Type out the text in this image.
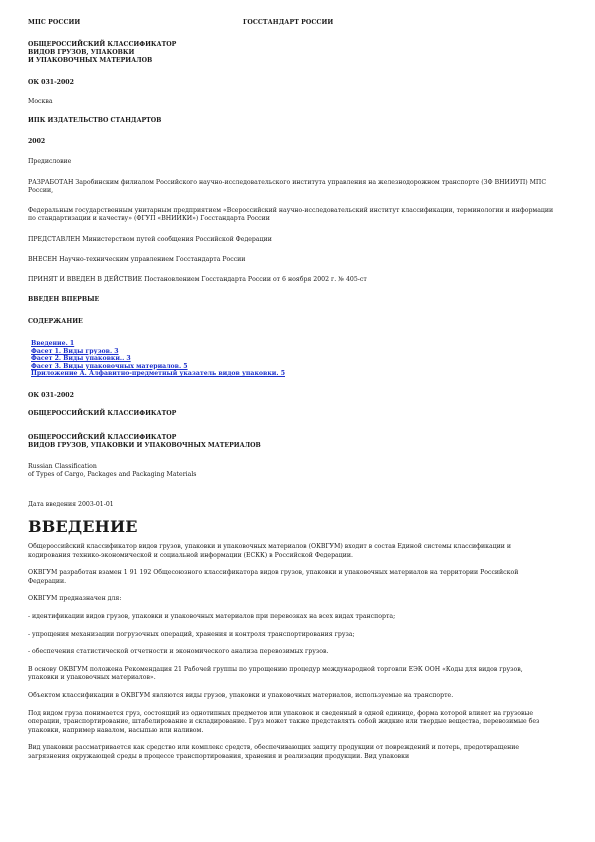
МПС РОССИИ	ГОССТАНДАРТ РОССИИ
ОБЩЕРОССИЙСКИЙ КЛАССИФИКАТОР
ВИДОВ ГРУЗОВ, УПАКОВКИ
И УПАКОВОЧНЫХ МАТЕРИАЛОВ
ОК 031-2002
Москва
ИПК ИЗДАТЕЛЬСТВО СТАНДАРТОВ
2002
Предисловие
РАЗРАБОТАН Заробинским филиалом Российского научно-исследовательского института управления на железнодорожном транспорте (ЗФ ВНИИУП) МПС России,
Федеральным государственным унитарным предприятием «Всероссийский научно-исследовательский институт классификации, терминологии и информации по стандартизации и качеству» (ФГУП «ВНИИКИ») Госстандарта России
ПРЕДСТАВЛЕН Министерством путей сообщения Российской Федерации
ВНЕСЕН Научно-техническим управлением Госстандарта России
ПРИНЯТ И ВВЕДЕН В ДЕЙСТВИЕ Постановлением Госстандарта России от 6 ноября 2002 г. № 405-ст
ВВЕДЕН ВПЕРВЫЕ
СОДЕРЖАНИЕ
Введение. 1
Фасет 1. Виды грузов. 3
Фасет 2. Виды упаковки.. 3
Фасет 3. Виды упаковочных материалов. 5
Приложение А. Алфавитно-предметный указатель видов упаковки. 5
ОК 031-2002
ОБЩЕРОССИЙСКИЙ КЛАССИФИКАТОР
ОБЩЕРОССИЙСКИЙ КЛАССИФИКАТОР
ВИДОВ ГРУЗОВ, УПАКОВКИ И УПАКОВОЧНЫХ МАТЕРИАЛОВ
Russian Classification
of Types of Cargo, Packages and Packaging Materials
Дата введения 2003-01-01
ВВЕДЕНИЕ
Общероссийский классификатор видов грузов, упаковки и упаковочных материалов (ОКВГУМ) входит в состав Единой системы классификации и кодирования технико-экономической и социальной информации (ЕСКК) в Российской Федерации.
ОКВГУМ разработан взамен 1 91 192 Общесоюзного классификатора видов грузов, упаковки и упаковочных материалов на территории Российской Федерации.
ОКВГУМ предназначен для:
- идентификации видов грузов, упаковки и упаковочных материалов при перевозках на всех видах транспорта;
- упрощения механизации погрузочных операций, хранения и контроля транспортирования груза;
- обеспечения статистической отчетности и экономического анализа перевозимых грузов.
В основу ОКВГУМ положена Рекомендация 21 Рабочей группы по упрощению процедур международной торговли ЕЭК ООН «Коды для видов грузов, упаковки и упаковочных материалов».
Объектом классификации в ОКВГУМ являются виды грузов, упаковки и упаковочных материалов, используемые на транспорте.
Под видом груза понимается груз, состоящий из однотипных предметов или упаковок и сведенный в одной единице, форма которой влияет на грузовые операции, транспортирование, штабелирование и складирование. Груз может также представлять собой жидкие или твердые вещества, перевозимые без упаковки, например навалом, насыпью или наливом.
Вид упаковки рассматривается как средство или комплекс средств, обеспечивающих защиту продукции от повреждений и потерь, предотвращение загрязнения окружающей среды в процессе транспортирования, хранения и реализации продукции. Вид упаковки
